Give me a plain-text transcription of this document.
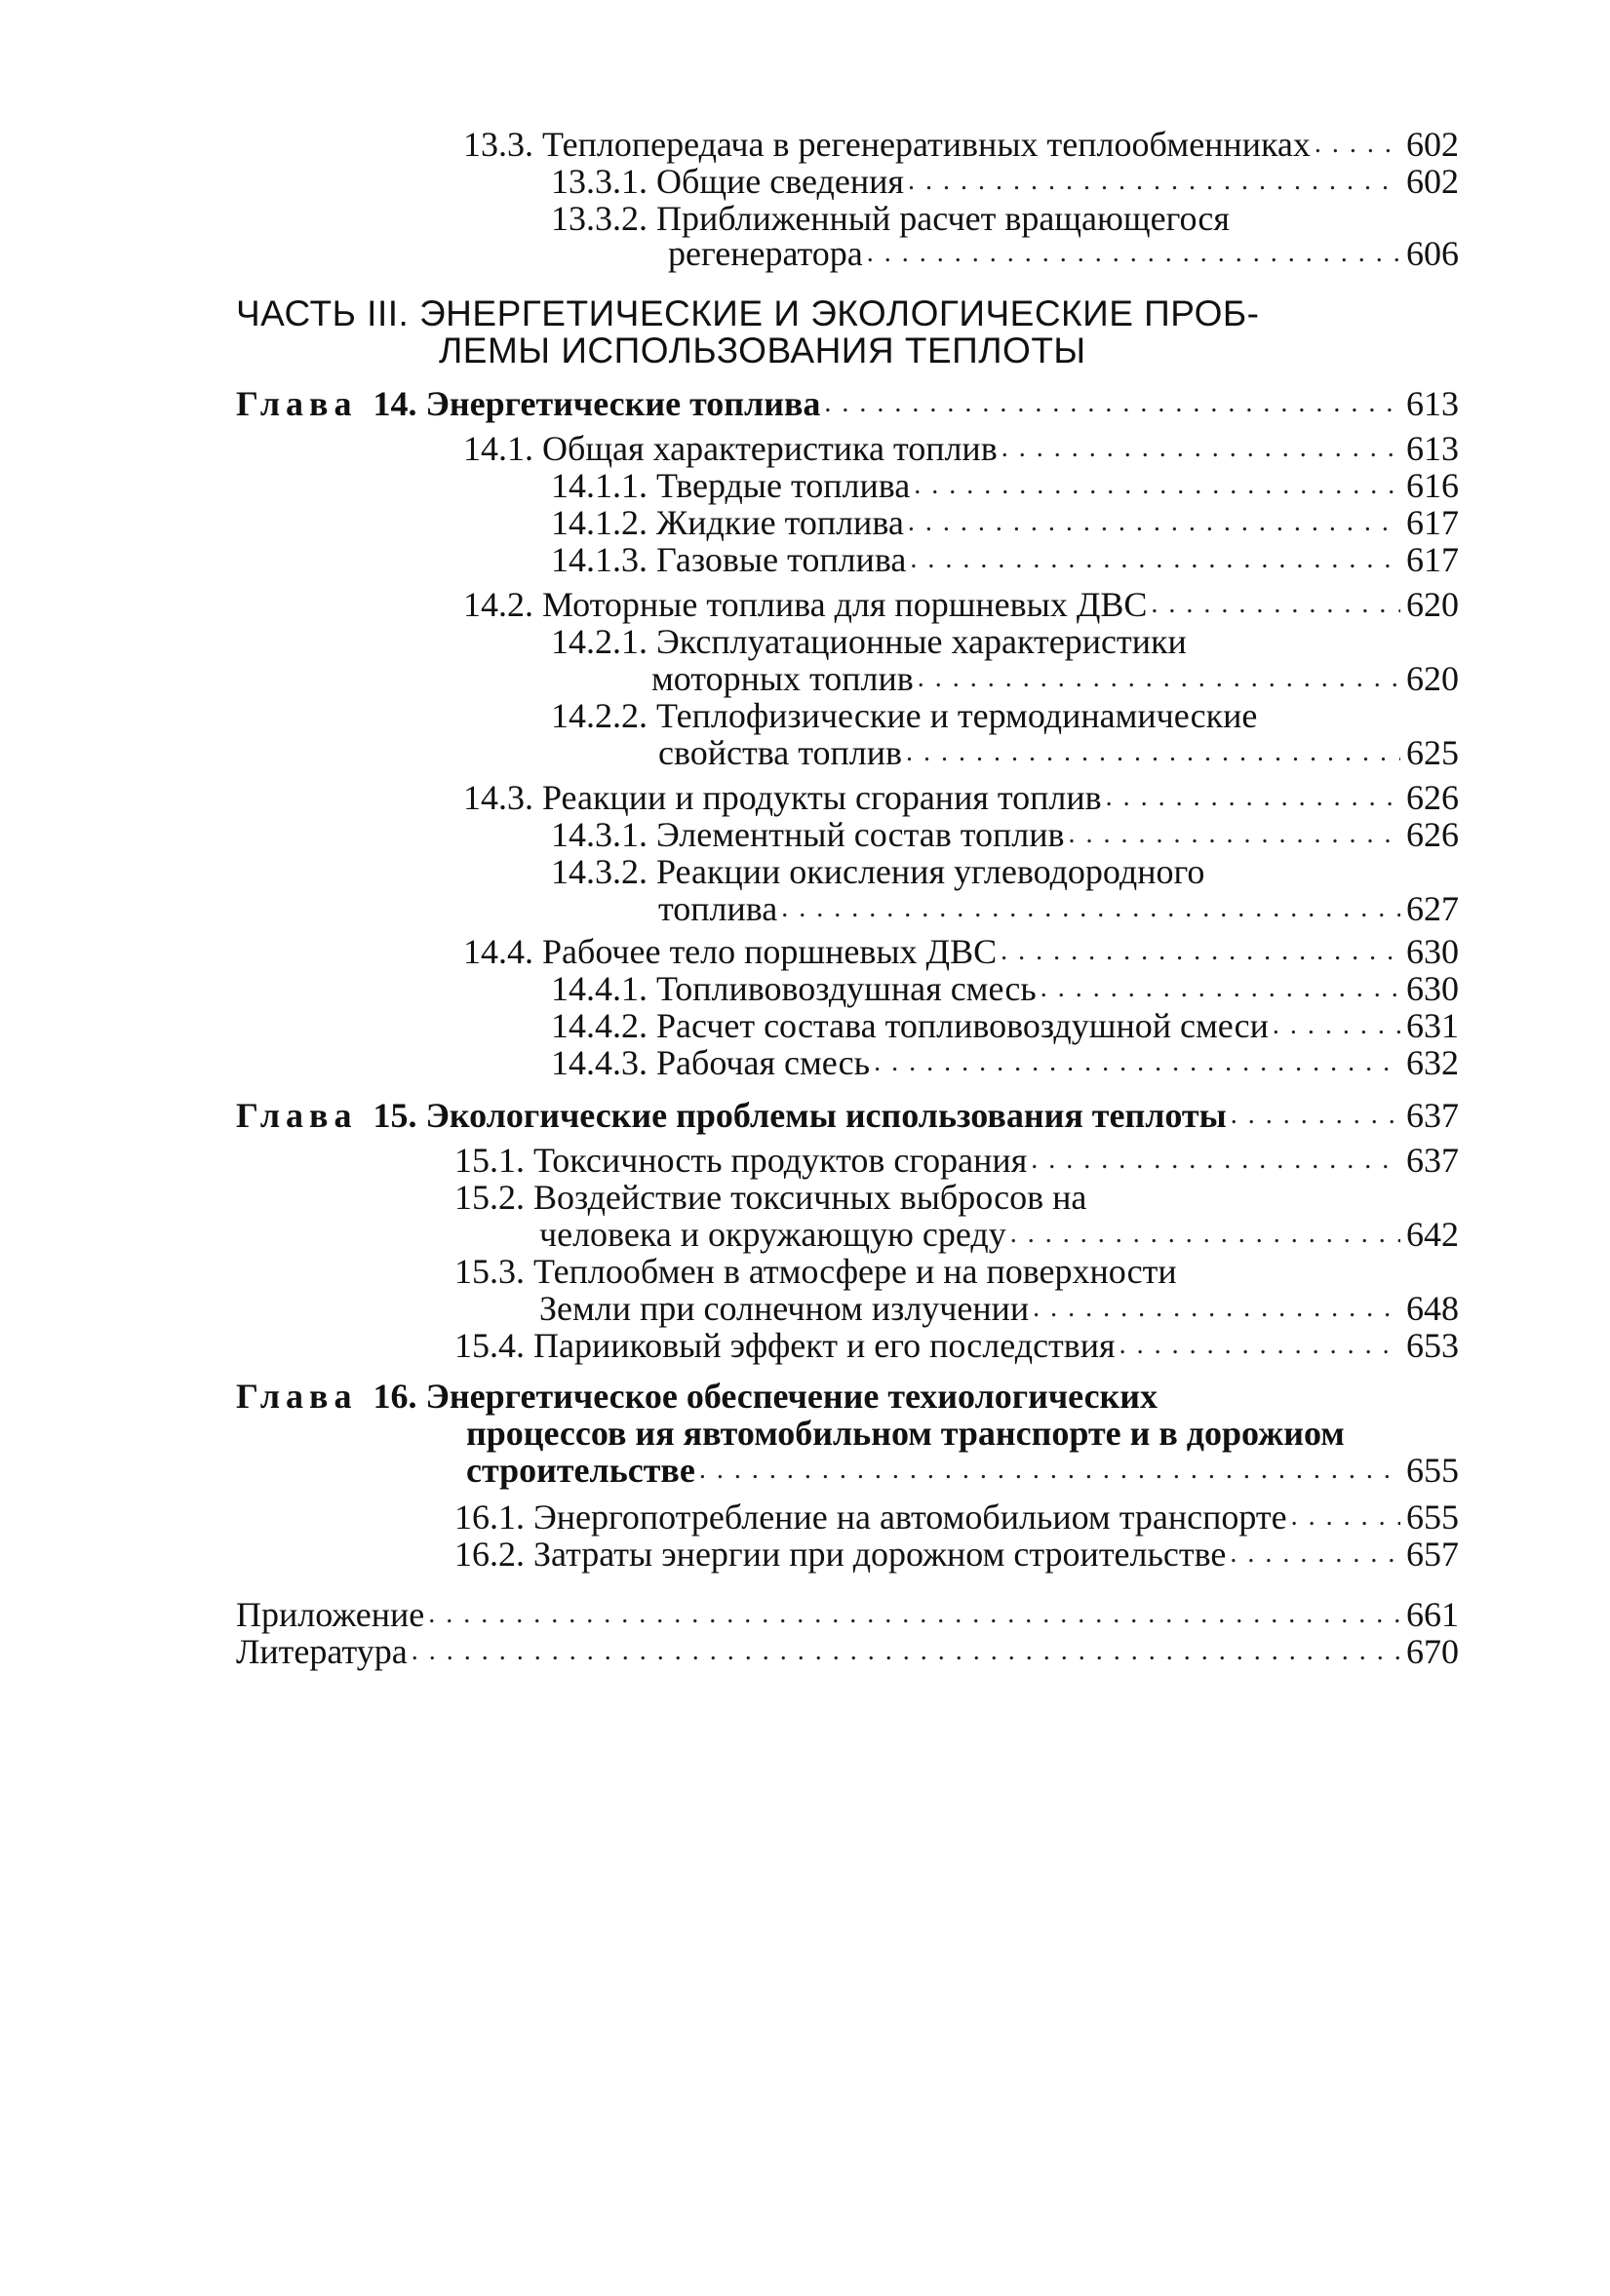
13.3. Теплопередача в регенеративных теплообменниках . . .	602
13.3.1. Общие сведения . . .	602
13.3.2. Приближенный расчет вращающегося
регенератора . . .	606
ЧАСТЬ III. ЭНЕРГЕТИЧЕСКИЕ И ЭКОЛОГИЧЕСКИЕ ПРОБ-
ЛЕМЫ ИСПОЛЬЗОВАНИЯ ТЕПЛОТЫ
Глава 14. Энергетические топлива . . .	613
14.1. Общая характеристика топлив . . .	613
14.1.1. Твердые топлива . . .	616
14.1.2. Жидкие топлива . . .	617
14.1.3. Газовые топлива . . .	617
14.2. Моторные топлива для поршневых ДВС . . .	620
14.2.1. Эксплуатационные характеристики
моторных топлив . . .	620
14.2.2. Теплофизические и термодинамические
свойства топлив . . .	625
14.3. Реакции и продукты сгорания топлив . . .	626
14.3.1. Элементный состав топлив . . .	626
14.3.2. Реакции окисления углеводородного
топлива . . .	627
14.4. Рабочее тело поршневых ДВС . . .	630
14.4.1. Топливовоздушная смесь . . .	630
14.4.2. Расчет состава топливовоздушной смеси . . .	631
14.4.3. Рабочая смесь . . .	632
Глава 15. Экологические проблемы использования теплоты . . .	637
15.1. Токсичность продуктов сгорания . . .	637
15.2. Воздействие токсичных выбросов на
человека и окружающую среду . . .	642
15.3. Теплообмен в атмосфере и на поверхности
Земли при солнечном излучении . . .	648
15.4. Парииковый эффект и его последствия . . .	653
Глава 16. Энергетическое обеспечение техиологических
процессов ия явтомобильном транспорте и в дорожиом
строительстве . . .	655
16.1. Энергопотребление на автомобильиом транспорте . . .	655
16.2. Затраты энергии при дорожном строительстве . . .	657
Приложение . . .	661
Литература . . .	670
